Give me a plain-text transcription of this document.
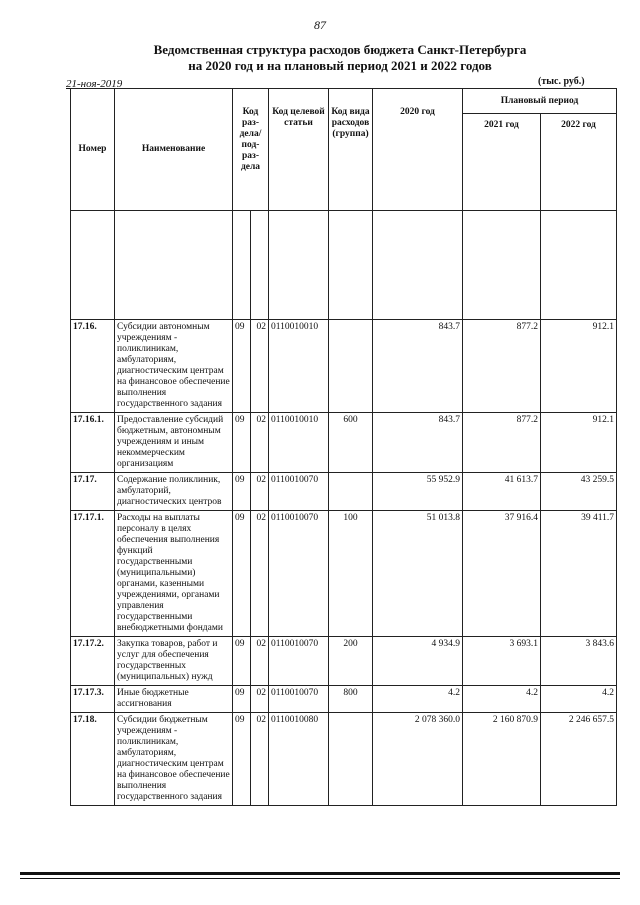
87
Ведомственная структура расходов бюджета Санкт-Петербурга
на 2020 год и на плановый период 2021 и 2022 годов
21-ноя-2019	(тыс. руб.)
Номер	Наименование	Код раз-дела/ под-раз-дела		Код целевой статьи	Код вида расходов (группа)	2020 год	Плановый период	
							2021 год	2022 год

17.16.	Субсидии автономным учреждениям - поликлиникам, амбулаториям, диагностическим центрам на финансовое обеспечение выполнения государственного задания	09	02	0110010010		843.7	877.2	912.1
17.16.1.	Предоставление субсидий бюджетным, автономным учреждениям и иным некоммерческим организациям	09	02	0110010010	600	843.7	877.2	912.1
17.17.	Содержание поликлиник, амбулаторий, диагностических центров	09	02	0110010070		55 952.9	41 613.7	43 259.5
17.17.1.	Расходы на выплаты персоналу в целях обеспечения выполнения функций государственными (муниципальными) органами, казенными учреждениями, органами управления государственными внебюджетными фондами	09	02	0110010070	100	51 013.8	37 916.4	39 411.7
17.17.2.	Закупка товаров, работ и услуг для обеспечения государственных (муниципальных) нужд	09	02	0110010070	200	4 934.9	3 693.1	3 843.6
17.17.3.	Иные бюджетные ассигнования	09	02	0110010070	800	4.2	4.2	4.2
17.18.	Субсидии бюджетным учреждениям - поликлиникам, амбулаториям, диагностическим центрам на финансовое обеспечение выполнения государственного задания	09	02	0110010080		2 078 360.0	2 160 870.9	2 246 657.5
